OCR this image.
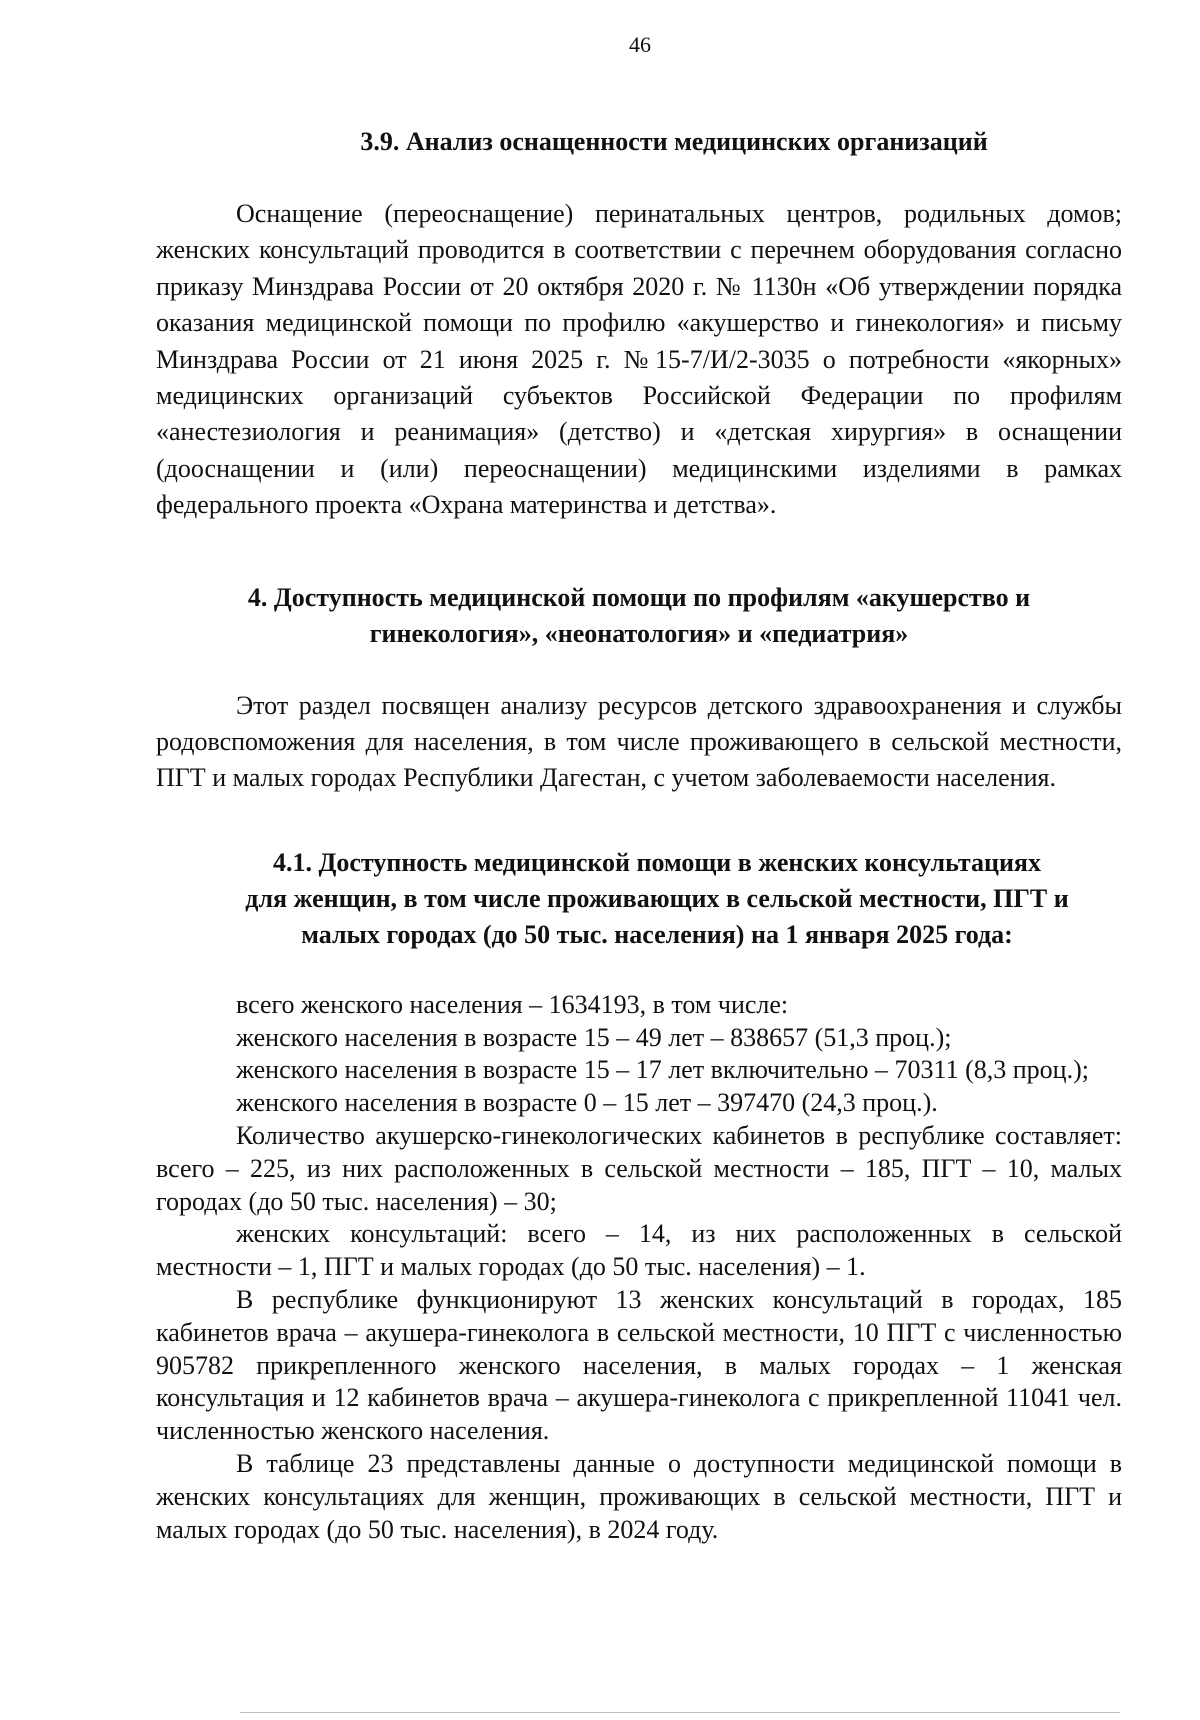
46
3.9. Анализ оснащенности медицинских организаций

Оснащение (переоснащение) перинатальных центров, родильных домов; женских консультаций проводится в соответствии с перечнем оборудования согласно приказу Минздрава России от 20 октября 2020 г. № 1130н «Об утверждении порядка оказания медицинской помощи по профилю «акушерство и гинекология» и письму Минздрава России от 21 июня 2025 г. №15-7/И/2-3035 о потребности «якорных» медицинских организаций субъектов Российской Федерации по профилям «анестезиология и реанимация» (детство) и «детская хирургия» в оснащении (дооснащении и (или) переоснащении) медицинскими изделиями в рамках федерального проекта «Охрана материнства и детства».

4. Доступность медицинской помощи по профилям «акушерство и
гинекология», «неонатология» и «педиатрия»

Этот раздел посвящен анализу ресурсов детского здравоохранения и службы родовспоможения для населения, в том числе проживающего в сельской местности, ПГТ и малых городах Республики Дагестан, с учетом заболеваемости населения.

4.1. Доступность медицинской помощи в женских консультациях
для женщин, в том числе проживающих в сельской местности, ПГТ и
малых городах (до 50 тыс. населения) на 1 января 2025 года:

всего женского населения – 1634193, в том числе:

женского населения в возрасте 15 – 49 лет – 838657 (51,3 проц.);

женского населения в возрасте 15 – 17 лет включительно – 70311 (8,3 проц.);

женского населения в возрасте 0 – 15 лет – 397470 (24,3 проц.).

Количество акушерско-гинекологических кабинетов в республике составляет: всего – 225, из них расположенных в сельской местности – 185, ПГТ – 10, малых городах (до 50 тыс. населения) – 30;

женских консультаций: всего – 14, из них расположенных в сельской местности – 1, ПГТ и малых городах (до 50 тыс. населения) – 1.

В республике функционируют 13 женских консультаций в городах, 185 кабинетов врача – акушера-гинеколога в сельской местности, 10 ПГТ с численностью 905782 прикрепленного женского населения, в малых городах – 1 женская консультация и 12 кабинетов врача – акушера-гинеколога с прикрепленной 11041 чел. численностью женского населения.

В таблице 23 представлены данные о доступности медицинской помощи в женских консультациях для женщин, проживающих в сельской местности, ПГТ и малых городах (до 50 тыс. населения), в 2024 году.
